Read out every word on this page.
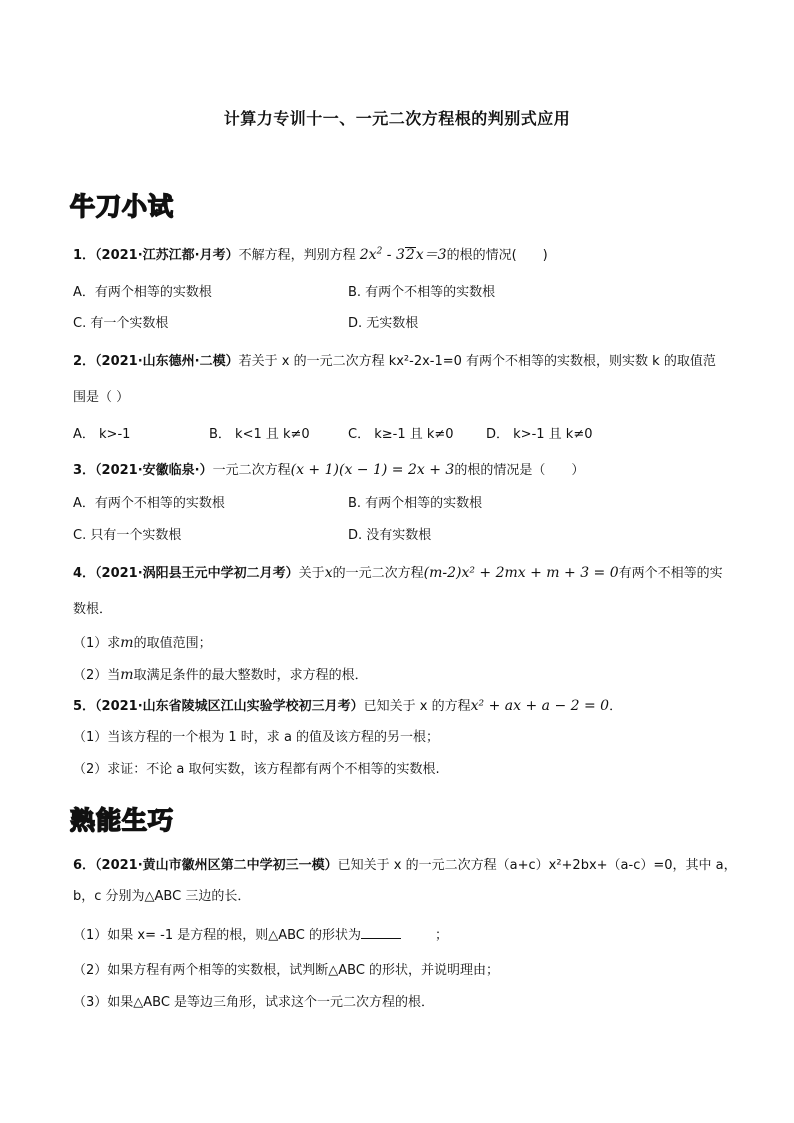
计算力专训十一、一元二次方程根的判别式应用
牛刀小试
1．（2021·江苏江都·月考）不解方程，判别方程 $2x^2 - 32x=3$的根的情况(　　)
A．有两个相等的实数根	B. 有两个不相等的实数根
C. 有一个实数根	D. 无实数根
2．（2021·山东德州·二模）若关于 x 的一元二次方程 kx²-2x-1=0 有两个不相等的实数根，则实数 k 的取值范
围是（ ）
A． k>-1	B． k<1 且 k≠0	C． k≥-1 且 k≠0 D． k>-1 且 k≠0
3．（2021·安徽临泉·）一元二次方程(x + 1)(x − 1) = 2x + 3的根的情况是（　　）
A．有两个不相等的实数根	B. 有两个相等的实数根
C. 只有一个实数根	D. 没有实数根
4．（2021·涡阳县王元中学初二月考）关于x的一元二次方程(m-2)x² + 2mx + m + 3 = 0有两个不相等的实
数根．
（1）求m的取值范围；
（2）当m取满足条件的最大整数时，求方程的根．
5．（2021·山东省陵城区江山实验学校初三月考）已知关于 x 的方程x² + ax + a − 2 = 0．
（1）当该方程的一个根为 1 时，求 a 的值及该方程的另一根；
（2）求证：不论 a 取何实数，该方程都有两个不相等的实数根.
熟能生巧
6．（2021·黄山市徽州区第二中学初三一模）已知关于 x 的一元二次方程（a+c）x²+2bx+（a-c）=0，其中 a，
b，c 分别为△ABC 三边的长．
（1）如果 x= -1 是方程的根，则△ABC 的形状为	；
（2）如果方程有两个相等的实数根，试判断△ABC 的形状，并说明理由；
（3）如果△ABC 是等边三角形，试求这个一元二次方程的根．
